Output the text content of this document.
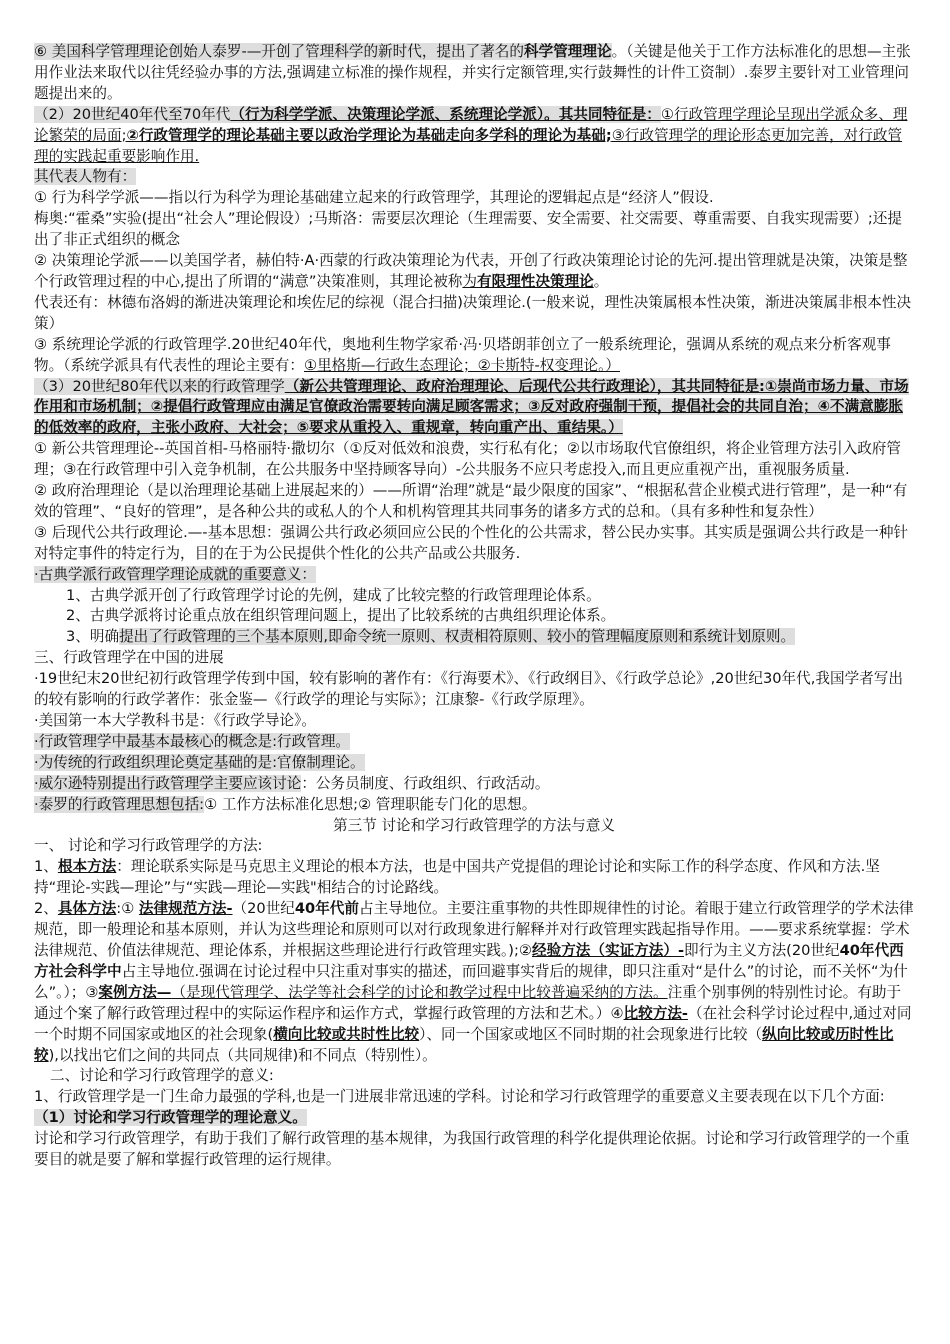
⑥ 美国科学管理理论创始人泰罗-—开创了管理科学的新时代，提出了著名的科学管理理论。（关键是他关于工作方法标准化的思想—主张用作业法来取代以往凭经验办事的方法,强调建立标准的操作规程，并实行定额管理,实行鼓舞性的计件工资制）.泰罗主要针对工业管理问题提出来的。

（2）20世纪40年代至70年代（行为科学学派、决策理论学派、系统理论学派）。其共同特征是：①行政管理学理论呈现出学派众多、理论繁荣的局面;②行政管理学的理论基础主要以政治学理论为基础走向多学科的理论为基础;③行政管理学的理论形态更加完善，对行政管理的实践起重要影响作用.

其代表人物有：

① 行为科学学派——指以行为科学为理论基础建立起来的行政管理学，其理论的逻辑起点是“经济人”假设.

梅奥:“霍桑”实验(提出“社会人”理论假设）;马斯洛：需要层次理论（生理需要、安全需要、社交需要、尊重需要、自我实现需要）;还提出了非正式组织的概念

② 决策理论学派——以美国学者，赫伯特·A·西蒙的行政决策理论为代表，开创了行政决策理论讨论的先河.提出管理就是决策，决策是整个行政管理过程的中心,提出了所谓的“满意”决策准则，其理论被称为有限理性决策理论。

代表还有：林德布洛姆的渐进决策理论和埃佐尼的综视（混合扫描)决策理论.(一般来说，理性决策属根本性决策，渐进决策属非根本性决策）

③ 系统理论学派的行政管理学.20世纪40年代，奥地利生物学家希·冯·贝塔朗菲创立了一般系统理论，强调从系统的观点来分析客观事物。（系统学派具有代表性的理论主要有：①里格斯—行政生态理论；②卡斯特-权变理论。）

（3）20世纪80年代以来的行政管理学（新公共管理理论、政府治理理论、后现代公共行政理论），其共同特征是:①崇尚市场力量、市场作用和市场机制；②提倡行政管理应由满足官僚政治需要转向满足顾客需求；③反对政府强制干预，提倡社会的共同自治；④不满意膨胀的低效率的政府，主张小政府、大社会；⑤要求从重投入、重规章，转向重产出、重结果。）

① 新公共管理理论--英国首相-马格丽特·撒切尔（①反对低效和浪费，实行私有化；②以市场取代官僚组织，将企业管理方法引入政府管理；③在行政管理中引入竞争机制，在公共服务中坚持顾客导向）-公共服务不应只考虑投入,而且更应重视产出，重视服务质量.

② 政府治理理论（是以治理理论基础上进展起来的）——所谓“治理”就是“最少限度的国家”、“根据私营企业模式进行管理”，是一种“有效的管理”、“良好的管理”，是各种公共的或私人的个人和机构管理其共同事务的诸多方式的总和。（具有多种性和复杂性）

③ 后现代公共行政理论.—-基本思想：强调公共行政必须回应公民的个性化的公共需求，替公民办实事。其实质是强调公共行政是一种针对特定事件的特定行为，目的在于为公民提供个性化的公共产品或公共服务.

·古典学派行政管理学理论成就的重要意义：

1、古典学派开创了行政管理学讨论的先例，建成了比较完整的行政管理理论体系。

2、古典学派将讨论重点放在组织管理问题上，提出了比较系统的古典组织理论体系。

3、明确提出了行政管理的三个基本原则,即命令统一原则、权责相符原则、较小的管理幅度原则和系统计划原则。

三、行政管理学在中国的进展

·19世纪末20世纪初行政管理学传到中国，较有影响的著作有：《行海要术》、《行政纲目》、《行政学总论》,20世纪30年代,我国学者写出的较有影响的行政学著作：张金鉴—《行政学的理论与实际》；江康黎-《行政学原理》。

·美国第一本大学教科书是：《行政学导论》。

·行政管理学中最基本最核心的概念是:行政管理。

·为传统的行政组织理论奠定基础的是:官僚制理论。

·威尔逊特别提出行政管理学主要应该讨论：公务员制度、行政组织、行政活动。

·泰罗的行政管理思想包括:① 工作方法标准化思想;② 管理职能专门化的思想。

第三节 讨论和学习行政管理学的方法与意义

一、 讨论和学习行政管理学的方法:

1、根本方法：理论联系实际是马克思主义理论的根本方法，也是中国共产党提倡的理论讨论和实际工作的科学态度、作风和方法.坚持“理论-实践—理论”与“实践—理论—实践"相结合的讨论路线。

2、具体方法:① 法律规范方法-（20世纪40年代前占主导地位。主要注重事物的共性即规律性的讨论。着眼于建立行政管理学的学术法律规范，即一般理论和基本原则，并认为这些理论和原则可以对行政现象进行解释并对行政管理实践起指导作用。——要求系统掌握：学术法律规范、价值法律规范、理论体系，并根据这些理论进行行政管理实践。);②经验方法（实证方法）-即行为主义方法(20世纪40年代西方社会科学中占主导地位.强调在讨论过程中只注重对事实的描述，而回避事实背后的规律，即只注重对“是什么”的讨论，而不关怀“为什么”。）；③案例方法—（是现代管理学、法学等社会科学的讨论和教学过程中比较普遍采纳的方法。注重个别事例的特别性讨论。有助于通过个案了解行政管理过程中的实际运作程序和运作方式，掌握行政管理的方法和艺术。）④比较方法-（在社会科学讨论过程中,通过对同一个时期不同国家或地区的社会现象(横向比较或共时性比较）、同一个国家或地区不同时期的社会现象进行比较（纵向比较或历时性比较),以找出它们之间的共同点（共同规律)和不同点（特别性）。

二、讨论和学习行政管理学的意义:

1、行政管理学是一门生命力最强的学科,也是一门进展非常迅速的学科。讨论和学习行政管理学的重要意义主要表现在以下几个方面:

（1）讨论和学习行政管理学的理论意义。

讨论和学习行政管理学，有助于我们了解行政管理的基本规律，为我国行政管理的科学化提供理论依据。讨论和学习行政管理学的一个重要目的就是要了解和掌握行政管理的运行规律。
